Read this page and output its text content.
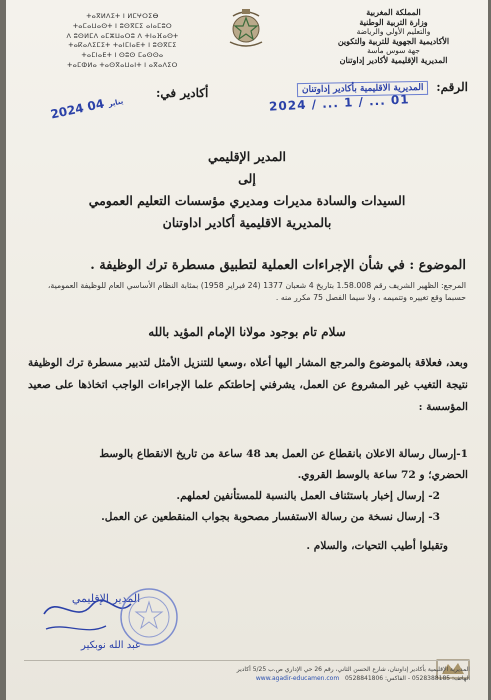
المملكة المغربية
وزارة التربية الوطنية
والتعليم الأولي والرياضة
الأكاديمية الجهوية للتربية والتكوين
جهة سوس ماسة
المديرية الإقليمية لأكادير إداوتنان
ⵜⴰⴳⵍⴷⵉⵜ ⵏ ⵍⵎⵖⵔⵉⴱ
ⵜⴰⵎⴰⵡⴰⵙⵜ ⵏ ⵓⵙⴳⵎⵉ ⴰⵏⴰⵎⵓⵔ
ⴷ ⵓⵙⵍⵎⴷ ⴰⵎⵣⵡⴰⵔⵓ ⴷ ⵜⵏⴰⴼⴰⵙⵜ
ⵜⴰⴽⴰⴷⵉⵎⵉⵜ ⵜⴰⵏⵎⵏⴰⴹⵜ ⵏ ⵓⵙⴳⵎⵉ
ⵜⴰⵎⵏⴰⴹⵜ ⵏ ⵙⵓⵙ ⵎⴰⵙⵙⴰ
ⵜⴰⵎⵀⵍⴰ ⵜⴰⵙⴳⴰⵡⴰⵏⵜ ⵏ ⴰⴳⴰⴷⵉⵔ
الرقم: المديرية الاقليمية بأكادير إداوتنان
2024 / ... 1 / ... 01
أكادير في:
2024	يناير 04
المدير الإقليمي
إلى
السيدات والسادة مديرات ومديري مؤسسات التعليم العمومي
بالمديرية الاقليمية أكادير اداوتنان
الموضوع : في شأن الإجراءات العملية لتطبيق مسطرة ترك الوظيفة .
المرجع: الظهير الشريف رقم 1.58.008 بتاريخ 4 شعبان 1377 (24 فبراير 1958) بمثابة النظام الأساسي العام للوظيفة العمومية، حسبما وقع تغييره وتتميمه ، ولا سيما الفصل 75 مكرر منه .
سلام تام بوجود مولانا الإمام المؤيد بالله
وبعد، فعلاقة بالموضوع والمرجع المشار اليها أعلاه ،وسعيا للتنزيل الأمثل لتدبير مسطرة ترك الوظيفة نتيجة التغيب غير المشروع عن العمل، يشرفني إحاطتكم علما الإجراءات الواجب اتخاذها على صعيد المؤسسة :

1-إرسال رسالة الاعلان بانقطاع عن العمل بعد 48 ساعة من تاريخ الانقطاع بالوسط

الحضري؛ و 72 ساعة بالوسط القروي.

2- إرسال إخبار باستئناف العمل بالنسبة للمستأنفين لعملهم.

3- إرسال نسخة من رسالة الاستفسار مصحوبة بجواب المنقطعين عن العمل.

وتقبلوا أطيب التحيات، والسلام .
المدير الإقليمي
عبد الله نوبكير
المديرية الإقليمية بأكادير إداوتنان، شارع الحسن الثاني، رقم 26 حي الإداري ص.ب 5/25 أكادير
الهاتف: 0528388185 - الفاكس: 0528841806   www.agadir-educamen.com
